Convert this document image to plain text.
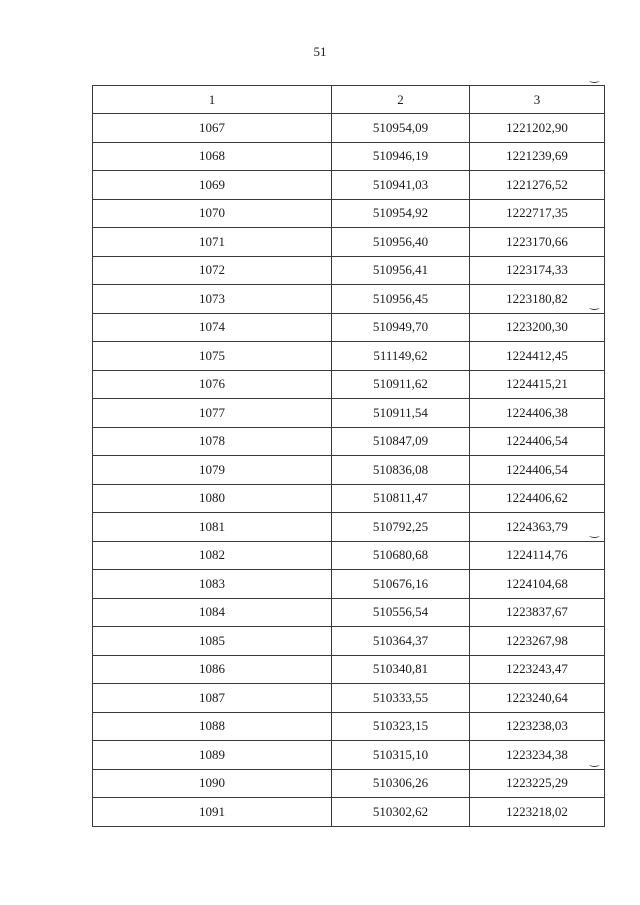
51
1	2	3
1067	510954,09	1221202,90
1068	510946,19	1221239,69
1069	510941,03	1221276,52
1070	510954,92	1222717,35
1071	510956,40	1223170,66
1072	510956,41	1223174,33
1073	510956,45	1223180,82
1074	510949,70	1223200,30
1075	511149,62	1224412,45
1076	510911,62	1224415,21
1077	510911,54	1224406,38
1078	510847,09	1224406,54
1079	510836,08	1224406,54
1080	510811,47	1224406,62
1081	510792,25	1224363,79
1082	510680,68	1224114,76
1083	510676,16	1224104,68
1084	510556,54	1223837,67
1085	510364,37	1223267,98
1086	510340,81	1223243,47
1087	510333,55	1223240,64
1088	510323,15	1223238,03
1089	510315,10	1223234,38
1090	510306,26	1223225,29
1091	510302,62	1223218,02
‿
‿
‿
‿
